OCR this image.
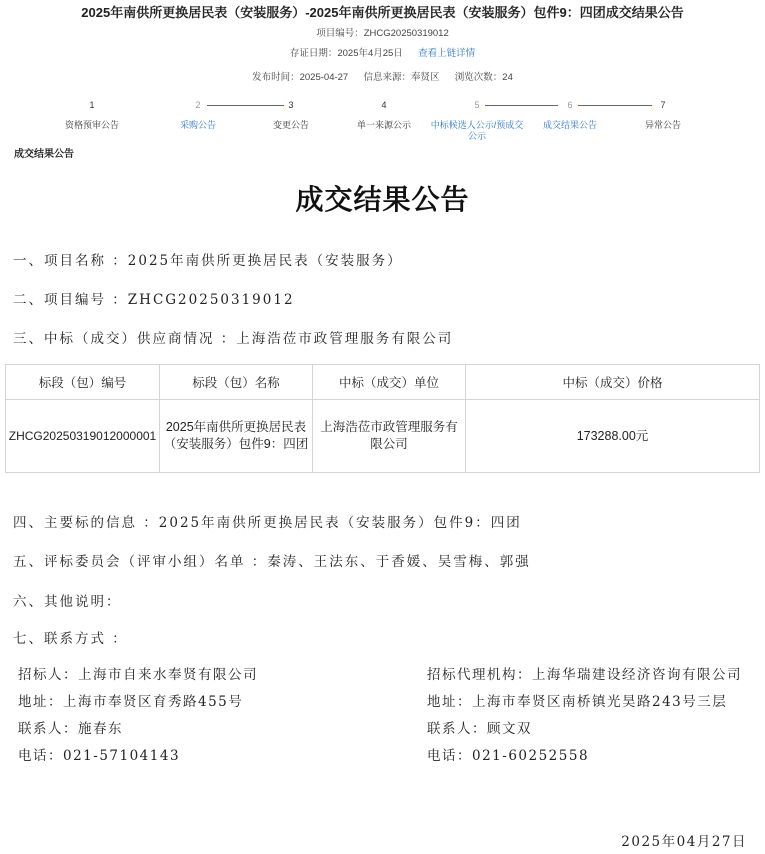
2025年南供所更换居民表（安装服务）-2025年南供所更换居民表（安装服务）包件9：四团成交结果公告
项目编号：ZHCG20250319012
存证日期：2025年4月25日 查看上链详情
发布时间：2025-04-27 信息来源：奉贤区 浏览次数：24
1
资格预审公告
2
采购公告
3
变更公告
4
单一来源公示
5
中标候选人公示/预成交公示
6
成交结果公告
7
异常公告
成交结果公告
成交结果公告
一、项目名称 ：2025年南供所更换居民表（安装服务）
二、项目编号 ：ZHCG20250319012
三、中标（成交）供应商情况 ：上海浩莅市政管理服务有限公司
标段（包）编号	标段（包）名称	中标（成交）单位	中标（成交）价格
ZHCG20250319012000001	2025年南供所更换居民表（安装服务）包件9：四团	上海浩莅市政管理服务有限公司	173288.00元
四、主要标的信息 ：2025年南供所更换居民表（安装服务）包件9：四团
五、评标委员会（评审小组）名单 ：秦涛、王法东、于香媛、吴雪梅、郭强
六、其他说明：
七、联系方式 ：
招标人：上海市自来水奉贤有限公司
地址：上海市奉贤区育秀路455号
联系人：施春东
电话：021-57104143
招标代理机构：上海华瑞建设经济咨询有限公司
地址：上海市奉贤区南桥镇光昊路243号三层
联系人：顾文双
电话：021-60252558
2025年04月27日
